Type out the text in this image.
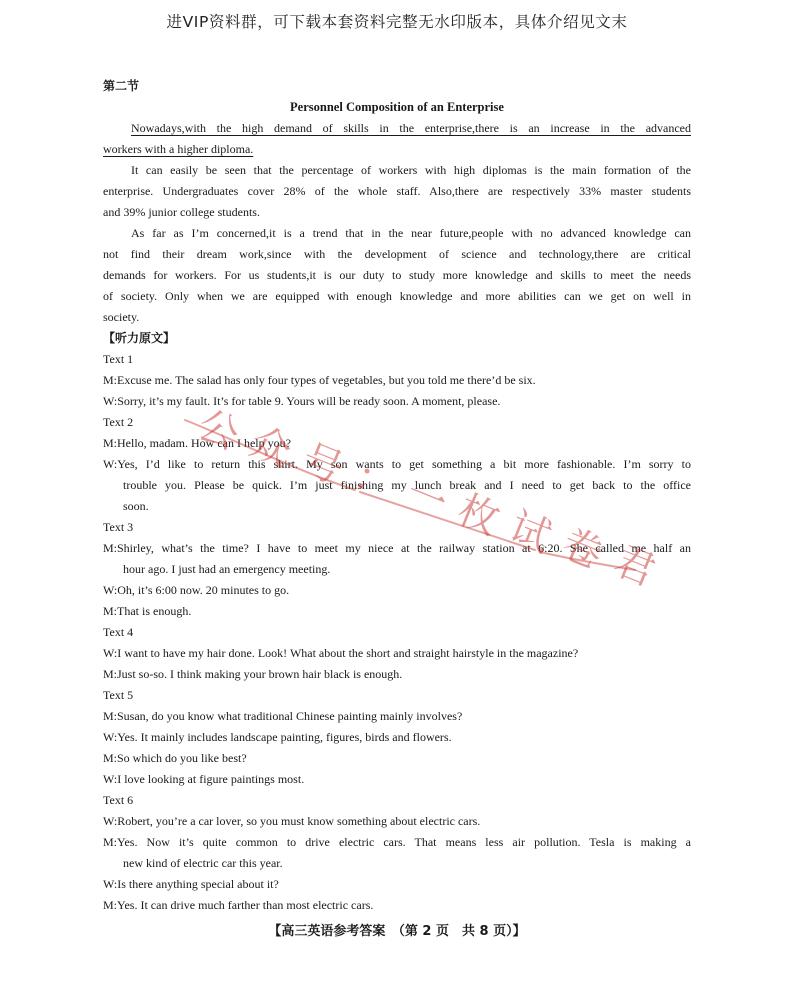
进VIP资料群，可下载本套资料完整无水印版本，具体介绍见文末
第二节
Personnel Composition of an Enterprise
Nowadays,with the high demand of skills in the enterprise,there is an increase in the advanced
workers with a higher diploma.
It can easily be seen that the percentage of workers with high diplomas is the main formation of the
enterprise. Undergraduates cover 28% of the whole staff. Also,there are respectively 33% master students
and 39% junior college students.
As far as I’m concerned,it is a trend that in the near future,people with no advanced knowledge can
not find their dream work,since with the development of science and technology,there are critical
demands for workers. For us students,it is our duty to study more knowledge and skills to meet the needs
of society. Only when we are equipped with enough knowledge and more abilities can we get on well in
society.
【听力原文】
Text 1
M:Excuse me. The salad has only four types of vegetables, but you told me there’d be six.
W:Sorry, it’s my fault. It’s for table 9. Yours will be ready soon. A moment, please.
Text 2
M:Hello, madam. How can I help you?
W:Yes, I’d like to return this shirt. My son wants to get something a bit more fashionable. I’m sorry to
trouble you. Please be quick. I’m just finishing my lunch break and I need to get back to the office
soon.
Text 3
M:Shirley, what’s the time? I have to meet my niece at the railway station at 6:20. She called me half an
hour ago. I just had an emergency meeting.
W:Oh, it’s 6:00 now. 20 minutes to go.
M:That is enough.
Text 4
W:I want to have my hair done. Look! What about the short and straight hairstyle in the magazine?
M:Just so-so. I think making your brown hair black is enough.
Text 5
M:Susan, do you know what traditional Chinese painting mainly involves?
W:Yes. It mainly includes landscape painting, figures, birds and flowers.
M:So which do you like best?
W:I love looking at figure paintings most.
Text 6
W:Robert, you’re a car lover, so you must know something about electric cars.
M:Yes. Now it’s quite common to drive electric cars. That means less air pollution. Tesla is making a
new kind of electric car this year.
W:Is there anything special about it?
M:Yes. It can drive much farther than most electric cars.
【高三英语参考答案　（第 2 页　共 8 页）】
公
众
号
：
一
枚
试
卷
君
